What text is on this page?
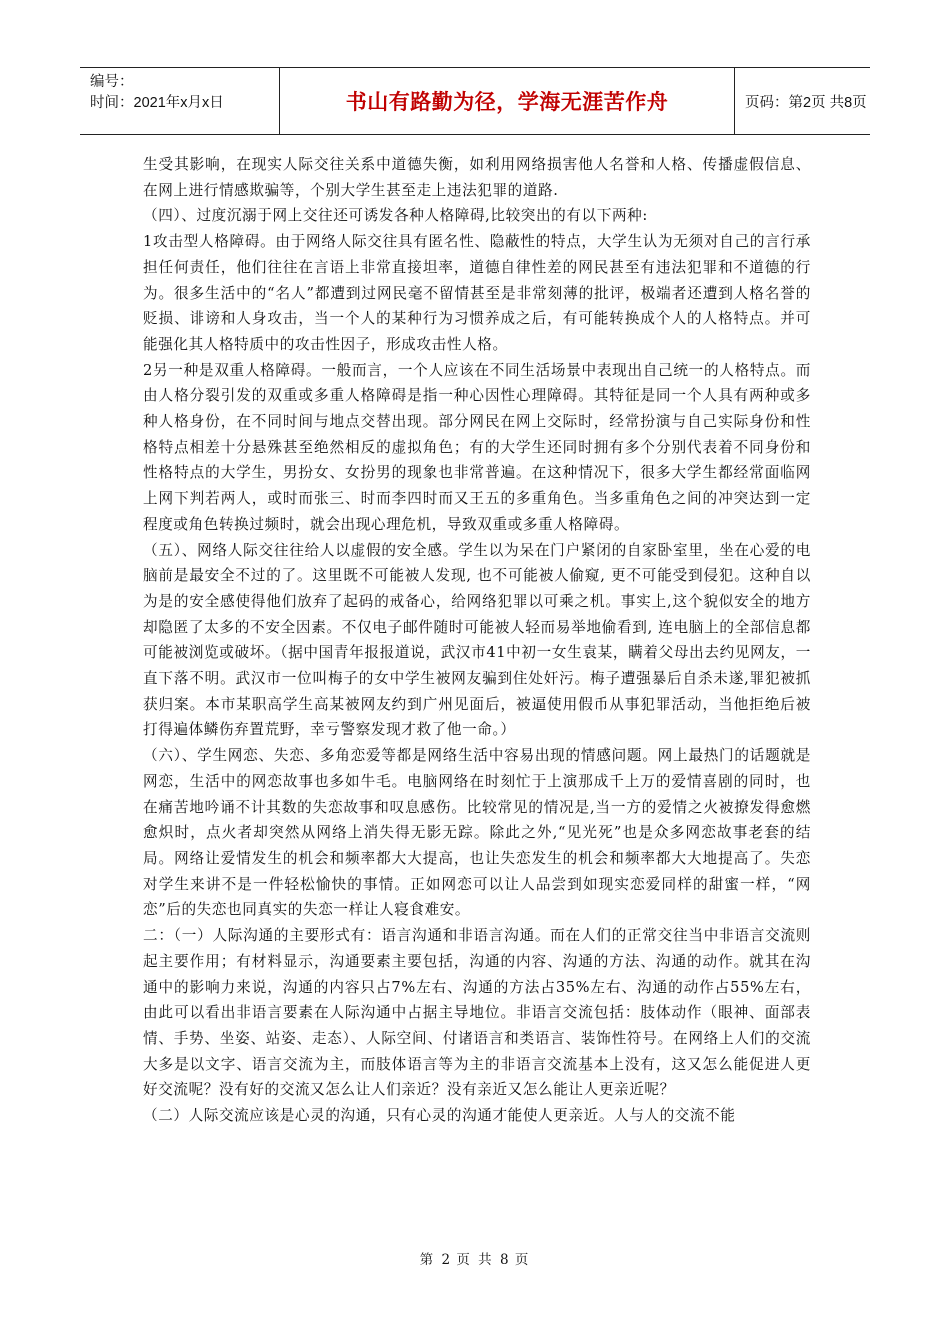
编号：
时间：2021年x月x日	书山有路勤为径，学海无涯苦作舟	页码：第2页 共8页

生受其影响，在现实人际交往关系中道德失衡，如利用网络损害他人名誉和人格、传播虚假信息、在网上进行情感欺骗等，个别大学生甚至走上违法犯罪的道路.

（四）、过度沉溺于网上交往还可诱发各种人格障碍,比较突出的有以下两种:

1攻击型人格障碍。由于网络人际交往具有匿名性、隐蔽性的特点，大学生认为无须对自己的言行承担任何责任，他们往往在言语上非常直接坦率，道德自律性差的网民甚至有违法犯罪和不道德的行为。很多生活中的“名人”都遭到过网民毫不留情甚至是非常刻薄的批评，极端者还遭到人格名誉的贬损、诽谤和人身攻击，当一个人的某种行为习惯养成之后，有可能转换成个人的人格特点。并可能强化其人格特质中的攻击性因子，形成攻击性人格。

2另一种是双重人格障碍。一般而言，一个人应该在不同生活场景中表现出自己统一的人格特点。而由人格分裂引发的双重或多重人格障碍是指一种心因性心理障碍。其特征是同一个人具有两种或多种人格身份，在不同时间与地点交替出现。部分网民在网上交际时，经常扮演与自己实际身份和性格特点相差十分悬殊甚至绝然相反的虚拟角色；有的大学生还同时拥有多个分别代表着不同身份和性格特点的大学生，男扮女、女扮男的现象也非常普遍。在这种情况下，很多大学生都经常面临网上网下判若两人，或时而张三、时而李四时而又王五的多重角色。当多重角色之间的冲突达到一定程度或角色转换过频时，就会出现心理危机，导致双重或多重人格障碍。

（五）、网络人际交往往给人以虚假的安全感。学生以为呆在门户紧闭的自家卧室里，坐在心爱的电脑前是最安全不过的了。这里既不可能被人发现, 也不可能被人偷窥, 更不可能受到侵犯。这种自以为是的安全感使得他们放弃了起码的戒备心，给网络犯罪以可乘之机。事实上,这个貌似安全的地方却隐匿了太多的不安全因素。不仅电子邮件随时可能被人轻而易举地偷看到, 连电脑上的全部信息都可能被浏览或破坏。（据中国青年报报道说，武汉市41中初一女生袁某，瞒着父母出去约见网友，一直下落不明。武汉市一位叫梅子的女中学生被网友骗到住处奸污。梅子遭强暴后自杀未遂,罪犯被抓获归案。本市某职高学生高某被网友约到广州见面后，被逼使用假币从事犯罪活动，当他拒绝后被打得遍体鳞伤弃置荒野，幸亏警察发现才救了他一命。）

（六）、学生网恋、失恋、多角恋爱等都是网络生活中容易出现的情感问题。网上最热门的话题就是网恋，生活中的网恋故事也多如牛毛。电脑网络在时刻忙于上演那成千上万的爱情喜剧的同时，也在痛苦地吟诵不计其数的失恋故事和叹息感伤。比较常见的情况是,当一方的爱情之火被撩发得愈燃愈炽时，点火者却突然从网络上消失得无影无踪。除此之外,“见光死”也是众多网恋故事老套的结局。网络让爱情发生的机会和频率都大大提高，也让失恋发生的机会和频率都大大地提高了。失恋对学生来讲不是一件轻松愉快的事情。正如网恋可以让人品尝到如现实恋爱同样的甜蜜一样，“网恋”后的失恋也同真实的失恋一样让人寝食难安。

二：（一）人际沟通的主要形式有：语言沟通和非语言沟通。而在人们的正常交往当中非语言交流则起主要作用；有材料显示，沟通要素主要包括，沟通的内容、沟通的方法、沟通的动作。就其在沟通中的影响力来说，沟通的内容只占7%左右、沟通的方法占35%左右、沟通的动作占55%左右，由此可以看出非语言要素在人际沟通中占据主导地位。非语言交流包括：肢体动作（眼神、面部表情、手势、坐姿、站姿、走态）、人际空间、付诸语言和类语言、装饰性符号。在网络上人们的交流大多是以文字、语言交流为主，而肢体语言等为主的非语言交流基本上没有，这又怎么能促进人更好交流呢？没有好的交流又怎么让人们亲近？没有亲近又怎么能让人更亲近呢？

（二）人际交流应该是心灵的沟通，只有心灵的沟通才能使人更亲近。人与人的交流不能

第 2 页 共 8 页
